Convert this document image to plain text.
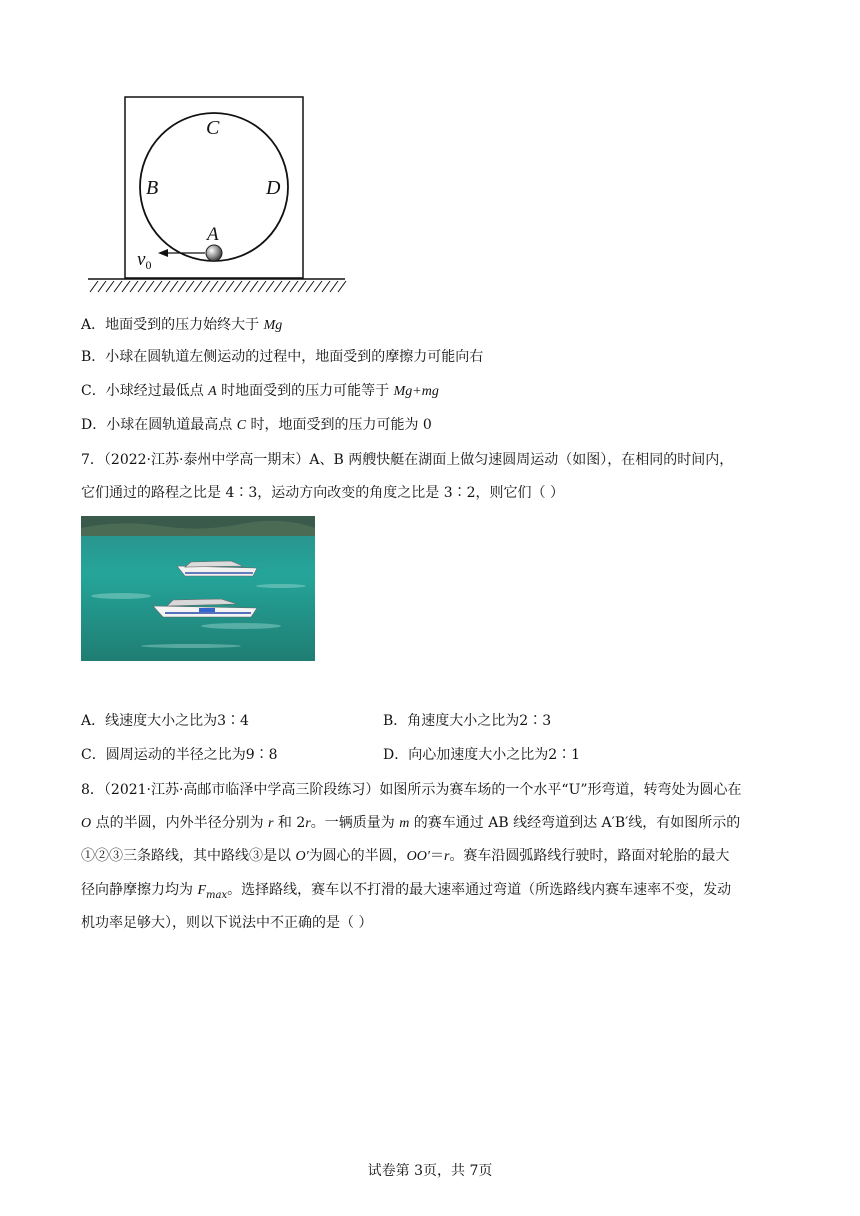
C
B	D
A
$v_0$
A．地面受到的压力始终大于 Mg
B．小球在圆轨道左侧运动的过程中，地面受到的摩擦力可能向右
C．小球经过最低点 A 时地面受到的压力可能等于 Mg+mg
D．小球在圆轨道最高点 C 时，地面受到的压力可能为 0
7．（2022·江苏·泰州中学高一期末）A、B 两艘快艇在湖面上做匀速圆周运动（如图），在相同的时间内，
它们通过的路程之比是 4∶3，运动方向改变的角度之比是 3∶2，则它们（ ）
A．线速度大小之比为3∶4	B．角速度大小之比为2∶3
C．圆周运动的半径之比为9∶8	D．向心加速度大小之比为2∶1
8．（2021·江苏·高邮市临泽中学高三阶段练习）如图所示为赛车场的一个水平“U”形弯道，转弯处为圆心在
O 点的半圆，内外半径分别为 r 和 2r。一辆质量为 m 的赛车通过 AB 线经弯道到达 A′B′线，有如图所示的
①②③三条路线，其中路线③是以 O′为圆心的半圆，OO′＝r。赛车沿圆弧路线行驶时，路面对轮胎的最大
径向静摩擦力均为 $F_{max}$。选择路线，赛车以不打滑的最大速率通过弯道（所选路线内赛车速率不变，发动
机功率足够大），则以下说法中不正确的是（ ）
试卷第 3页，共 7页
